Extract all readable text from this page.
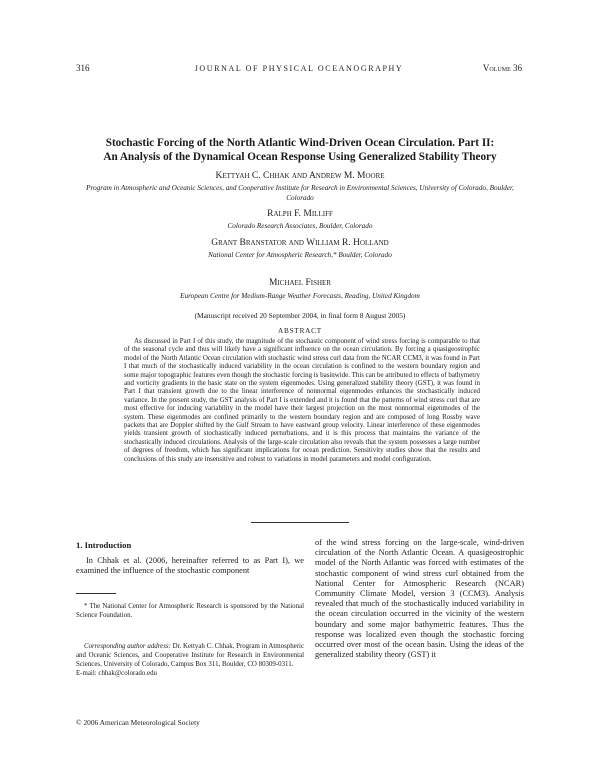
316	JOURNAL OF PHYSICAL OCEANOGRAPHY	Volume 36
Stochastic Forcing of the North Atlantic Wind-Driven Ocean Circulation. Part II:
An Analysis of the Dynamical Ocean Response Using Generalized Stability Theory
Kettyah C. Chhak and Andrew M. Moore
Program in Atmospheric and Oceanic Sciences, and Cooperative Institute for Research in Environmental Sciences, University of Colorado, Boulder, Colorado
Ralph F. Milliff
Colorado Research Associates, Boulder, Colorado
Grant Branstator and William R. Holland
National Center for Atmospheric Research,* Boulder, Colorado
Michael Fisher
European Centre for Medium-Range Weather Forecasts, Reading, United Kingdom
(Manuscript received 20 September 2004, in final form 8 August 2005)
ABSTRACT

As discussed in Part I of this study, the magnitude of the stochastic component of wind stress forcing is comparable to that of the seasonal cycle and thus will likely have a significant influence on the ocean circulation. By forcing a quasigeostrophic model of the North Atlantic Ocean circulation with stochastic wind stress curl data from the NCAR CCM3, it was found in Part I that much of the stochastically induced variability in the ocean circulation is confined to the western boundary region and some major topographic features even though the stochastic forcing is basinwide. This can be attributed to effects of bathymetry and vorticity gradients in the basic state on the system eigenmodes. Using generalized stability theory (GST), it was found in Part I that transient growth due to the linear interference of nonnormal eigenmodes enhances the stochastically induced variance. In the present study, the GST analysis of Part I is extended and it is found that the patterns of wind stress curl that are most effective for inducing variability in the model have their largest projection on the most nonnormal eigenmodes of the system. These eigenmodes are confined primarily to the western boundary region and are composed of long Rossby wave packets that are Doppler shifted by the Gulf Stream to have eastward group velocity. Linear interference of these eigenmodes yields transient growth of stochastically induced perturbations, and it is this process that maintains the variance of the stochastically induced circulations. Analysis of the large-scale circulation also reveals that the system possesses a large number of degrees of freedom, which has significant implications for ocean prediction. Sensitivity studies show that the results and conclusions of this study are insensitive and robust to variations in model parameters and model configuration.

1. Introduction

In Chhak et al. (2006, hereinafter referred to as Part I), we examined the influence of the stochastic component

* The National Center for Atmospheric Research is sponsored by the National Science Foundation.
Corresponding author address: Dr. Kettyah C. Chhak, Program in Atmospheric and Oceanic Sciences, and Cooperative Institute for Research in Environmental Sciences, University of Colorado, Campus Box 311, Boulder, CO 80309-0311.
E-mail: chhak@colorado.edu

of the wind stress forcing on the large-scale, wind-driven circulation of the North Atlantic Ocean. A quasigeostrophic model of the North Atlantic was forced with estimates of the stochastic component of wind stress curl obtained from the National Center for Atmospheric Research (NCAR) Community Climate Model, version 3 (CCM3). Analysis revealed that much of the stochastically induced variability in the ocean circulation occurred in the vicinity of the western boundary and some major bathymetric features. Thus the response was localized even though the stochastic forcing occurred over most of the ocean basin. Using the ideas of the generalized stability theory (GST) it

© 2006 American Meteorological Society
